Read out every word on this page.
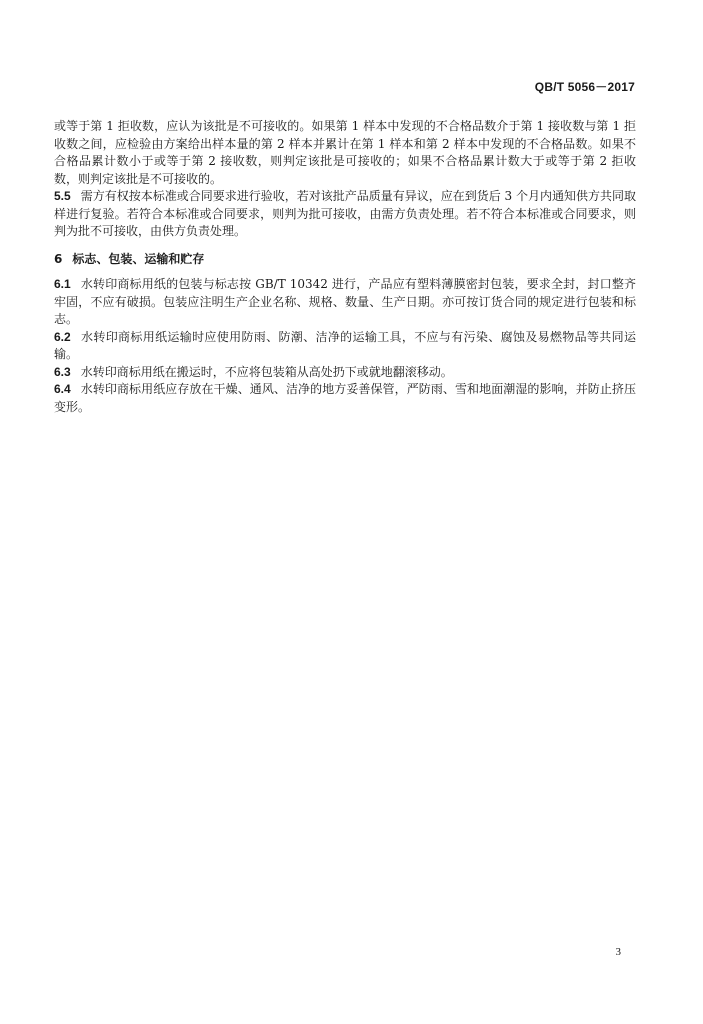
QB/T 5056－2017

或等于第 1 拒收数，应认为该批是不可接收的。如果第 1 样本中发现的不合格品数介于第 1 接收数与第 1 拒收数之间，应检验由方案给出样本量的第 2 样本并累计在第 1 样本和第 2 样本中发现的不合格品数。如果不合格品累计数小于或等于第 2 接收数，则判定该批是可接收的；如果不合格品累计数大于或等于第 2 拒收数，则判定该批是不可接收的。

5.5 需方有权按本标准或合同要求进行验收，若对该批产品质量有异议，应在到货后 3 个月内通知供方共同取样进行复验。若符合本标准或合同要求，则判为批可接收，由需方负责处理。若不符合本标准或合同要求，则判为批不可接收，由供方负责处理。

6 标志、包装、运输和贮存

6.1 水转印商标用纸的包装与标志按 GB/T 10342 进行，产品应有塑料薄膜密封包装，要求全封，封口整齐牢固，不应有破损。包装应注明生产企业名称、规格、数量、生产日期。亦可按订货合同的规定进行包装和标志。

6.2 水转印商标用纸运输时应使用防雨、防潮、洁净的运输工具，不应与有污染、腐蚀及易燃物品等共同运输。

6.3 水转印商标用纸在搬运时，不应将包装箱从高处扔下或就地翻滚移动。

6.4 水转印商标用纸应存放在干燥、通风、洁净的地方妥善保管，严防雨、雪和地面潮湿的影响，并防止挤压变形。

3
